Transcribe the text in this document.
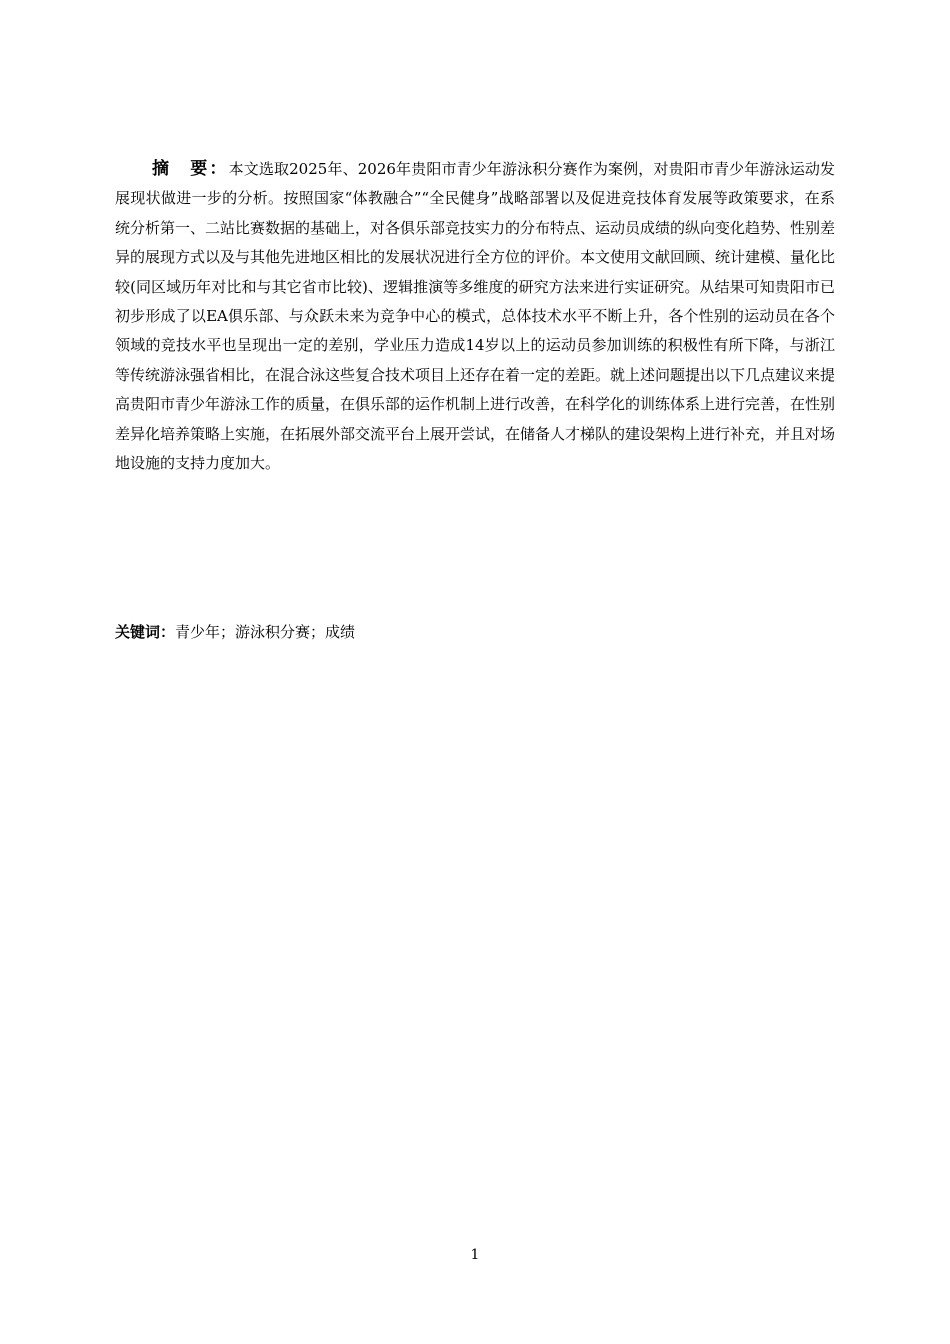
摘　要：本文选取2025年、2026年贵阳市青少年游泳积分赛作为案例，对贵阳市青少年游泳运动发展现状做进一步的分析。按照国家“体教融合”“全民健身”战略部署以及促进竞技体育发展等政策要求，在系统分析第一、二站比赛数据的基础上，对各俱乐部竞技实力的分布特点、运动员成绩的纵向变化趋势、性别差异的展现方式以及与其他先进地区相比的发展状况进行全方位的评价。本文使用文献回顾、统计建模、量化比较(同区域历年对比和与其它省市比较)、逻辑推演等多维度的研究方法来进行实证研究。从结果可知贵阳市已初步形成了以EA俱乐部、与众跃未来为竞争中心的模式，总体技术水平不断上升，各个性别的运动员在各个领域的竞技水平也呈现出一定的差别，学业压力造成14岁以上的运动员参加训练的积极性有所下降，与浙江等传统游泳强省相比，在混合泳这些复合技术项目上还存在着一定的差距。就上述问题提出以下几点建议来提高贵阳市青少年游泳工作的质量，在俱乐部的运作机制上进行改善，在科学化的训练体系上进行完善，在性别差异化培养策略上实施，在拓展外部交流平台上展开尝试，在储备人才梯队的建设架构上进行补充，并且对场地设施的支持力度加大。

关键词：青少年；游泳积分赛；成绩

1
